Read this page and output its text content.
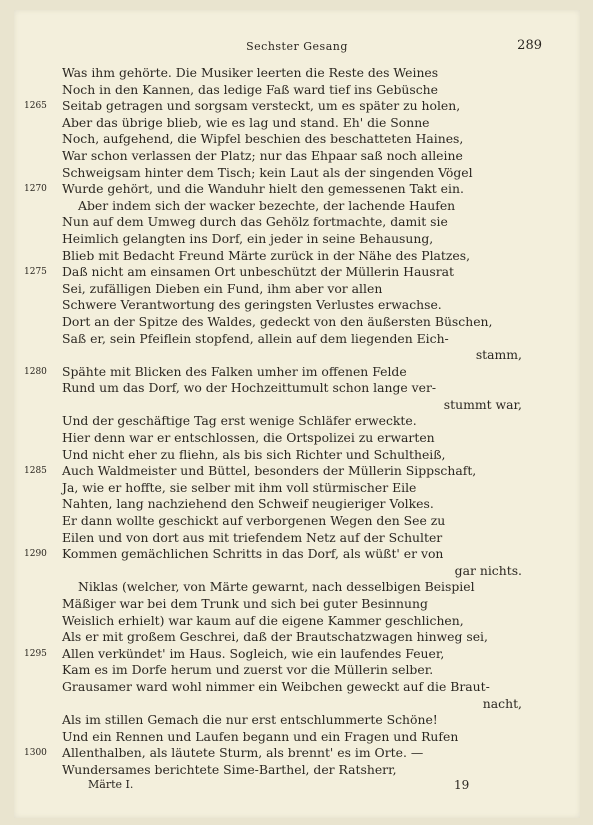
Sechster Gesang	289
Was ihm gehörte. Die Musiker leerten die Reste des Weines
Noch in den Kannen, das ledige Faß ward tief ins Gebüsche
1265	Seitab getragen und sorgsam versteckt, um es später zu holen,
Aber das übrige blieb, wie es lag und stand. Eh' die Sonne
Noch, aufgehend, die Wipfel beschien des beschatteten Haines,
War schon verlassen der Platz; nur das Ehpaar saß noch alleine
Schweigsam hinter dem Tisch; kein Laut als der singenden Vögel
1270	Wurde gehört, und die Wanduhr hielt den gemessenen Takt ein.
Aber indem sich der wacker bezechte, der lachende Haufen
Nun auf dem Umweg durch das Gehölz fortmachte, damit sie
Heimlich gelangten ins Dorf, ein jeder in seine Behausung,
Blieb mit Bedacht Freund Märte zurück in der Nähe des Platzes,
1275	Daß nicht am einsamen Ort unbeschützt der Müllerin Hausrat
Sei, zufälligen Dieben ein Fund, ihm aber vor allen
Schwere Verantwortung des geringsten Verlustes erwachse.
Dort an der Spitze des Waldes, gedeckt von den äußersten Büschen,
Saß er, sein Pfeiflein stopfend, allein auf dem liegenden Eich-
stamm,
1280	Spähte mit Blicken des Falken umher im offenen Felde
Rund um das Dorf, wo der Hochzeittumult schon lange ver-
stummt war,
Und der geschäftige Tag erst wenige Schläfer erweckte.
Hier denn war er entschlossen, die Ortspolizei zu erwarten
Und nicht eher zu fliehn, als bis sich Richter und Schultheiß,
1285	Auch Waldmeister und Büttel, besonders der Müllerin Sippschaft,
Ja, wie er hoffte, sie selber mit ihm voll stürmischer Eile
Nahten, lang nachziehend den Schweif neugieriger Volkes.
Er dann wollte geschickt auf verborgenen Wegen den See zu
Eilen und von dort aus mit triefendem Netz auf der Schulter
1290	Kommen gemächlichen Schritts in das Dorf, als wüßt' er von
gar nichts.
Niklas (welcher, von Märte gewarnt, nach desselbigen Beispiel
Mäßiger war bei dem Trunk und sich bei guter Besinnung
Weislich erhielt) war kaum auf die eigene Kammer geschlichen,
Als er mit großem Geschrei, daß der Brautschatzwagen hinweg sei,
1295	Allen verkündet' im Haus. Sogleich, wie ein laufendes Feuer,
Kam es im Dorfe herum und zuerst vor die Müllerin selber.
Grausamer ward wohl nimmer ein Weibchen geweckt auf die Braut-
nacht,
Als im stillen Gemach die nur erst entschlummerte Schöne!
Und ein Rennen und Laufen begann und ein Fragen und Rufen
1300	Allenthalben, als läutete Sturm, als brennt' es im Orte. —
Wundersames berichtete Sime-Barthel, der Ratsherr,
Märte I.	19
